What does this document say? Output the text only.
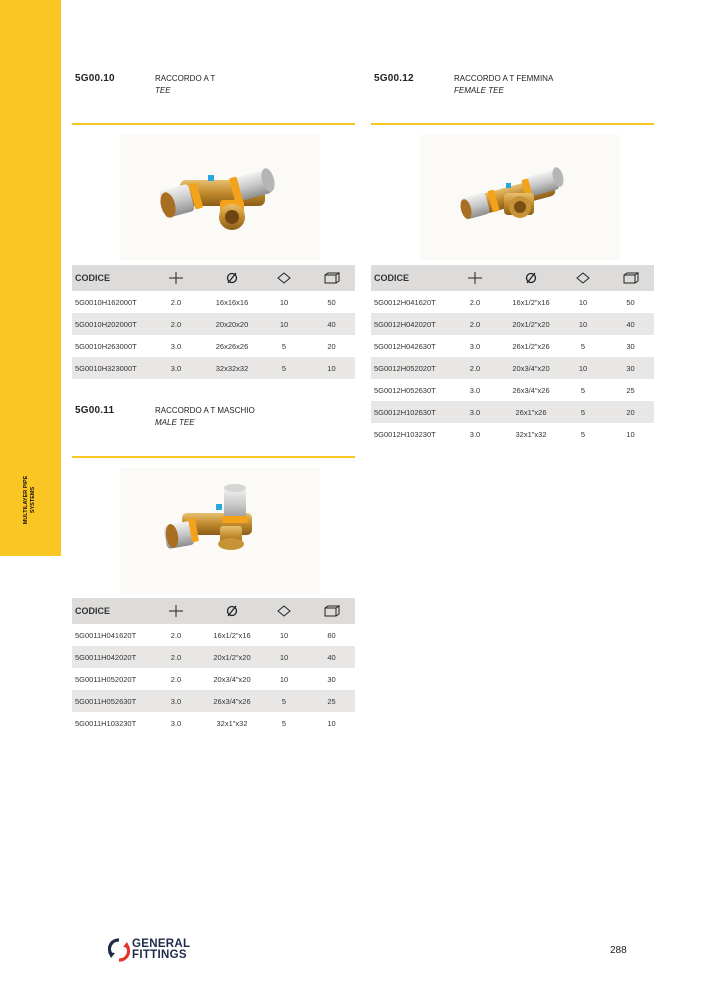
MULTILAYER PIPE SYSTEMS
5G00.10	RACCORDO A T
TEE
CODICE				
5G0010H162000T	2.0	16x16x16	10	50
5G0010H202000T	2.0	20x20x20	10	40
5G0010H263000T	3.0	26x26x26	5	20
5G0010H323000T	3.0	32x32x32	5	10
5G00.12	RACCORDO A T FEMMINA
FEMALE TEE
CODICE				
5G0012H041620T	2.0	16x1/2"x16	10	50
5G0012H042020T	2.0	20x1/2"x20	10	40
5G0012H042630T	3.0	26x1/2"x26	5	30
5G0012H052020T	2.0	20x3/4"x20	10	30
5G0012H052630T	3.0	26x3/4"x26	5	25
5G0012H102630T	3.0	26x1"x26	5	20
5G0012H103230T	3.0	32x1"x32	5	10
5G00.11	RACCORDO A T MASCHIO
MALE TEE
CODICE				
5G0011H041620T	2.0	16x1/2"x16	10	60
5G0011H042020T	2.0	20x1/2"x20	10	40
5G0011H052020T	2.0	20x3/4"x20	10	30
5G0011H052630T	3.0	26x3/4"x26	5	25
5G0011H103230T	3.0	32x1"x32	5	10
GENERAL
FITTINGS	288
